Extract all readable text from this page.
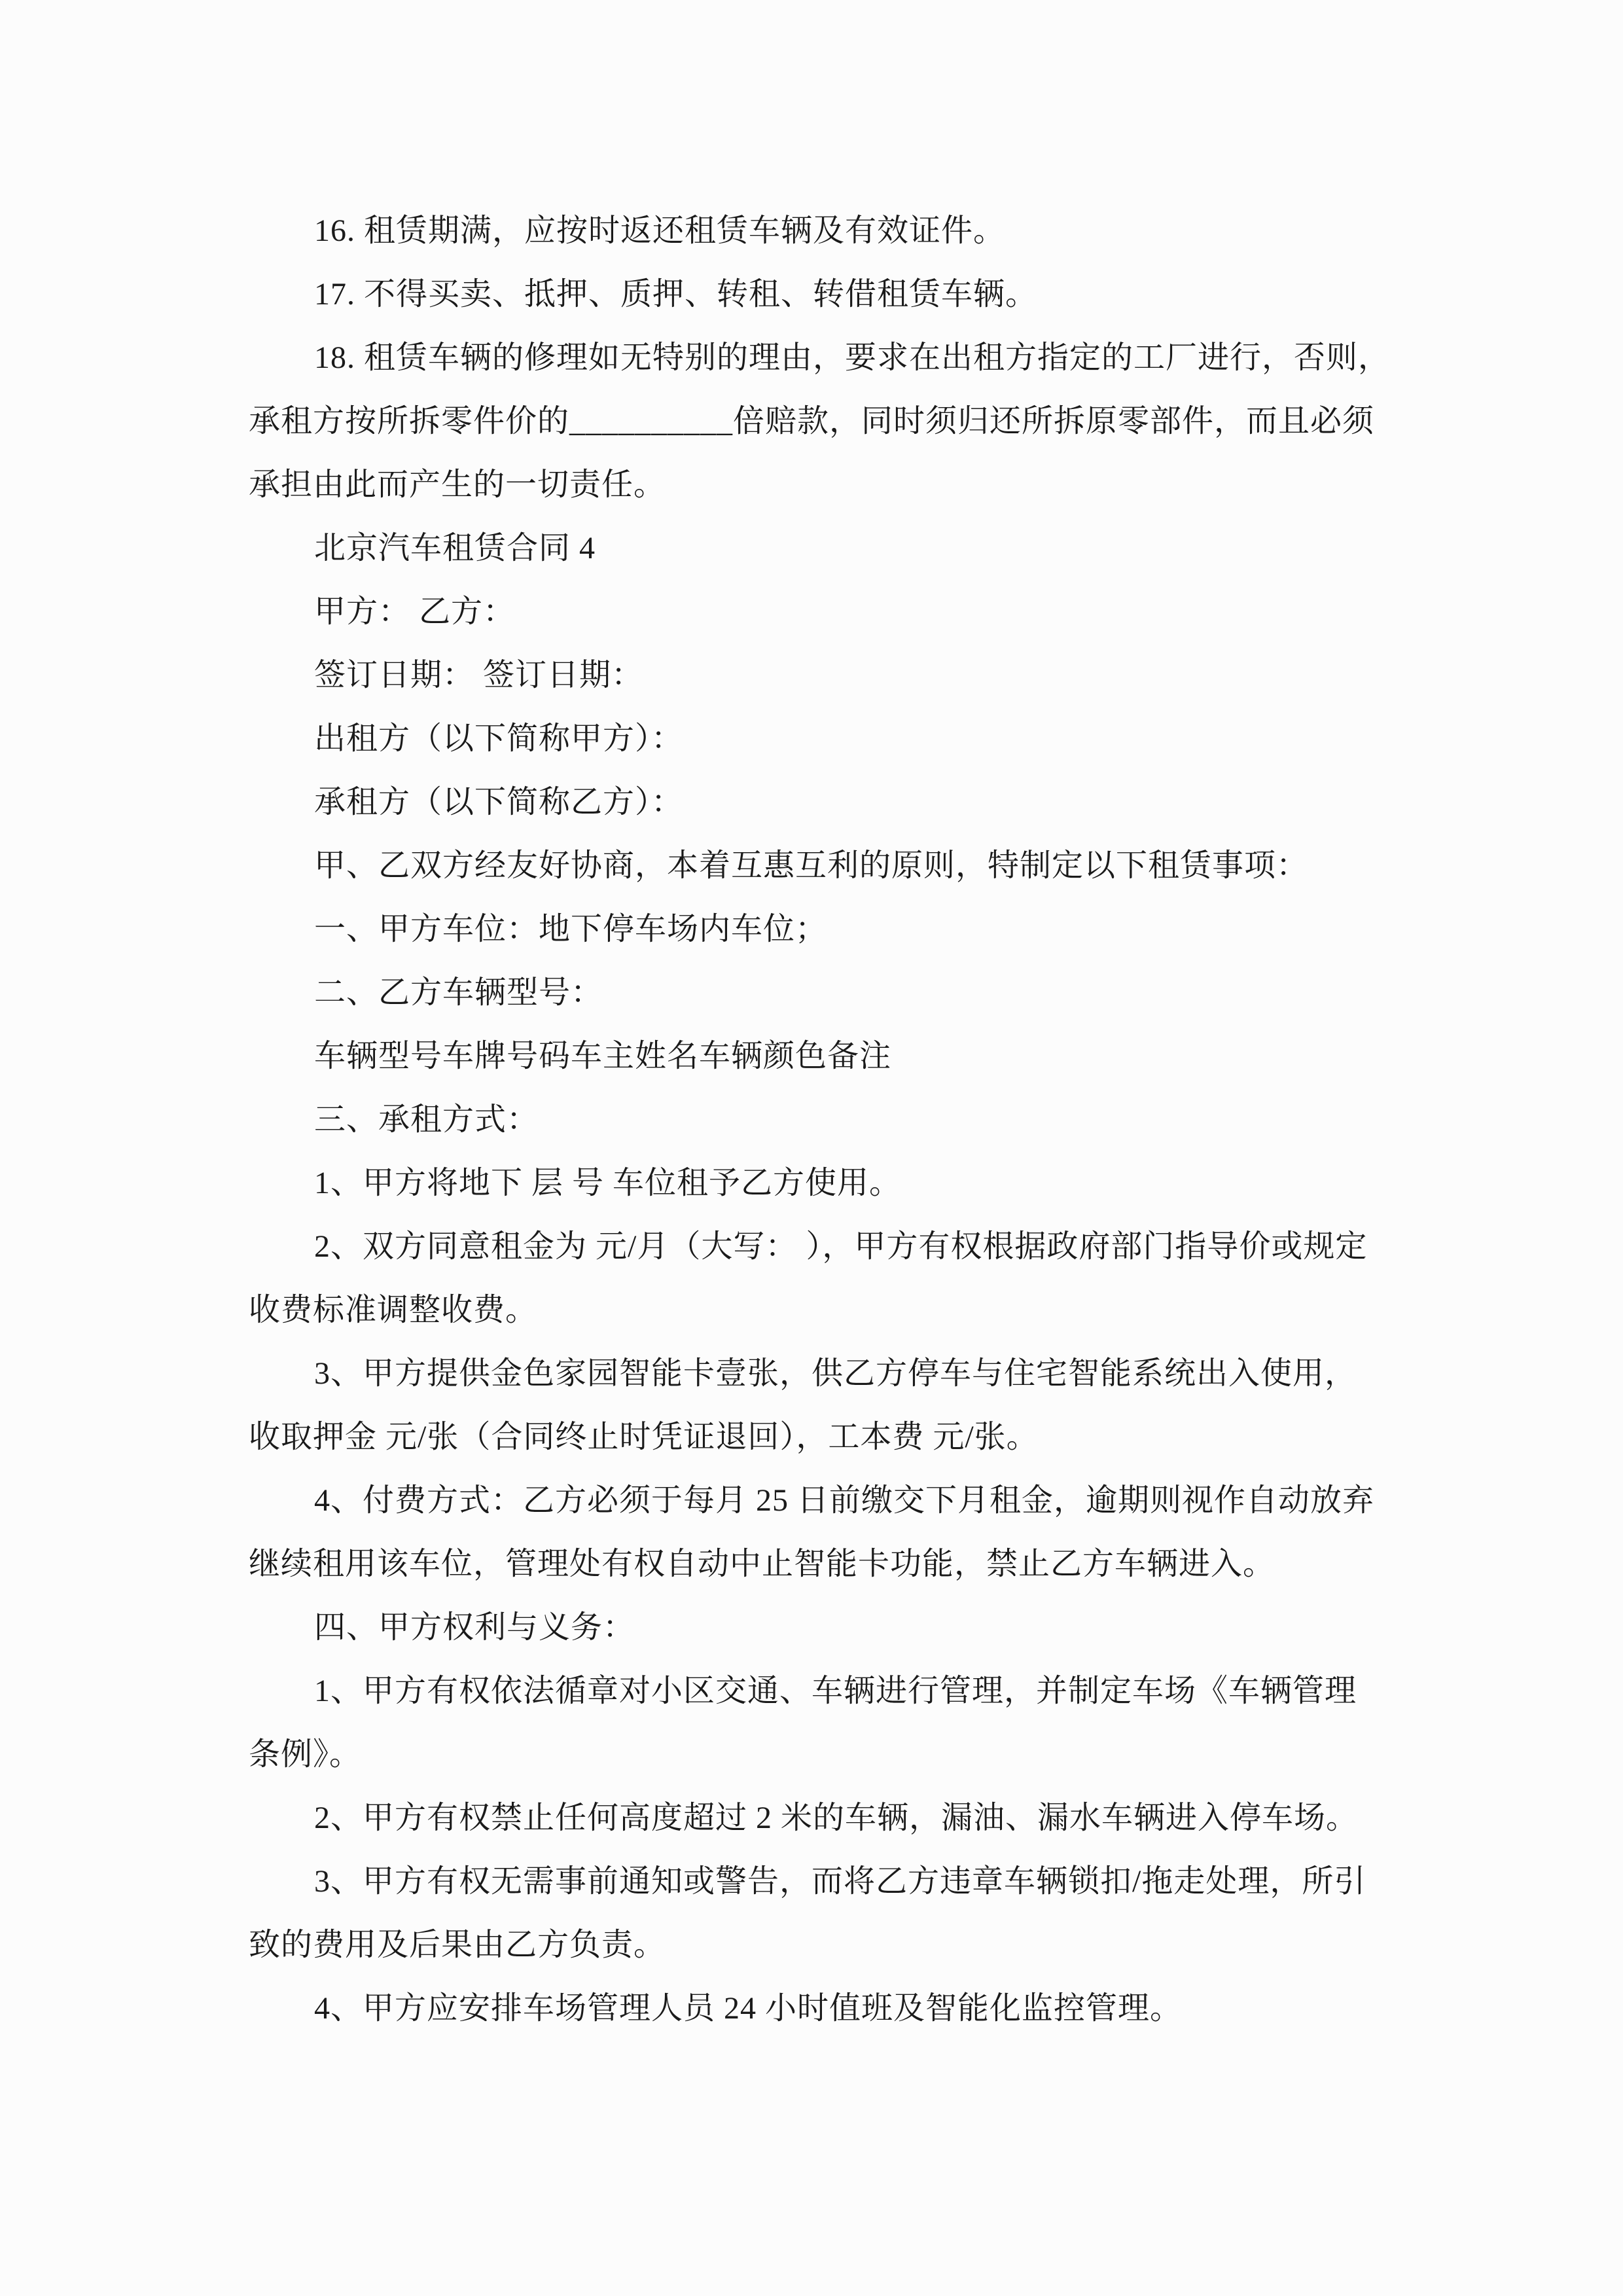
16. 租赁期满，应按时返还租赁车辆及有效证件。
17. 不得买卖、抵押、质押、转租、转借租赁车辆。
18. 租赁车辆的修理如无特别的理由，要求在出租方指定的工厂进行，否则，
承租方按所拆零件价的__________倍赔款，同时须归还所拆原零部件，而且必须
承担由此而产生的一切责任。
北京汽车租赁合同 4
甲方： 乙方：
签订日期： 签订日期：
出租方（以下简称甲方）：
承租方（以下简称乙方）：
甲、乙双方经友好协商，本着互惠互利的原则，特制定以下租赁事项：
一、甲方车位：地下停车场内车位；
二、乙方车辆型号：
车辆型号车牌号码车主姓名车辆颜色备注
三、承租方式：
1、甲方将地下 层 号 车位租予乙方使用。
2、双方同意租金为 元/月（大写： ），甲方有权根据政府部门指导价或规定
收费标准调整收费。
3、甲方提供金色家园智能卡壹张，供乙方停车与住宅智能系统出入使用，
收取押金 元/张（合同终止时凭证退回），工本费 元/张。
4、付费方式：乙方必须于每月 25 日前缴交下月租金，逾期则视作自动放弃
继续租用该车位，管理处有权自动中止智能卡功能，禁止乙方车辆进入。
四、甲方权利与义务：
1、甲方有权依法循章对小区交通、车辆进行管理，并制定车场《车辆管理
条例》。
2、甲方有权禁止任何高度超过 2 米的车辆，漏油、漏水车辆进入停车场。
3、甲方有权无需事前通知或警告，而将乙方违章车辆锁扣/拖走处理，所引
致的费用及后果由乙方负责。
4、甲方应安排车场管理人员 24 小时值班及智能化监控管理。
